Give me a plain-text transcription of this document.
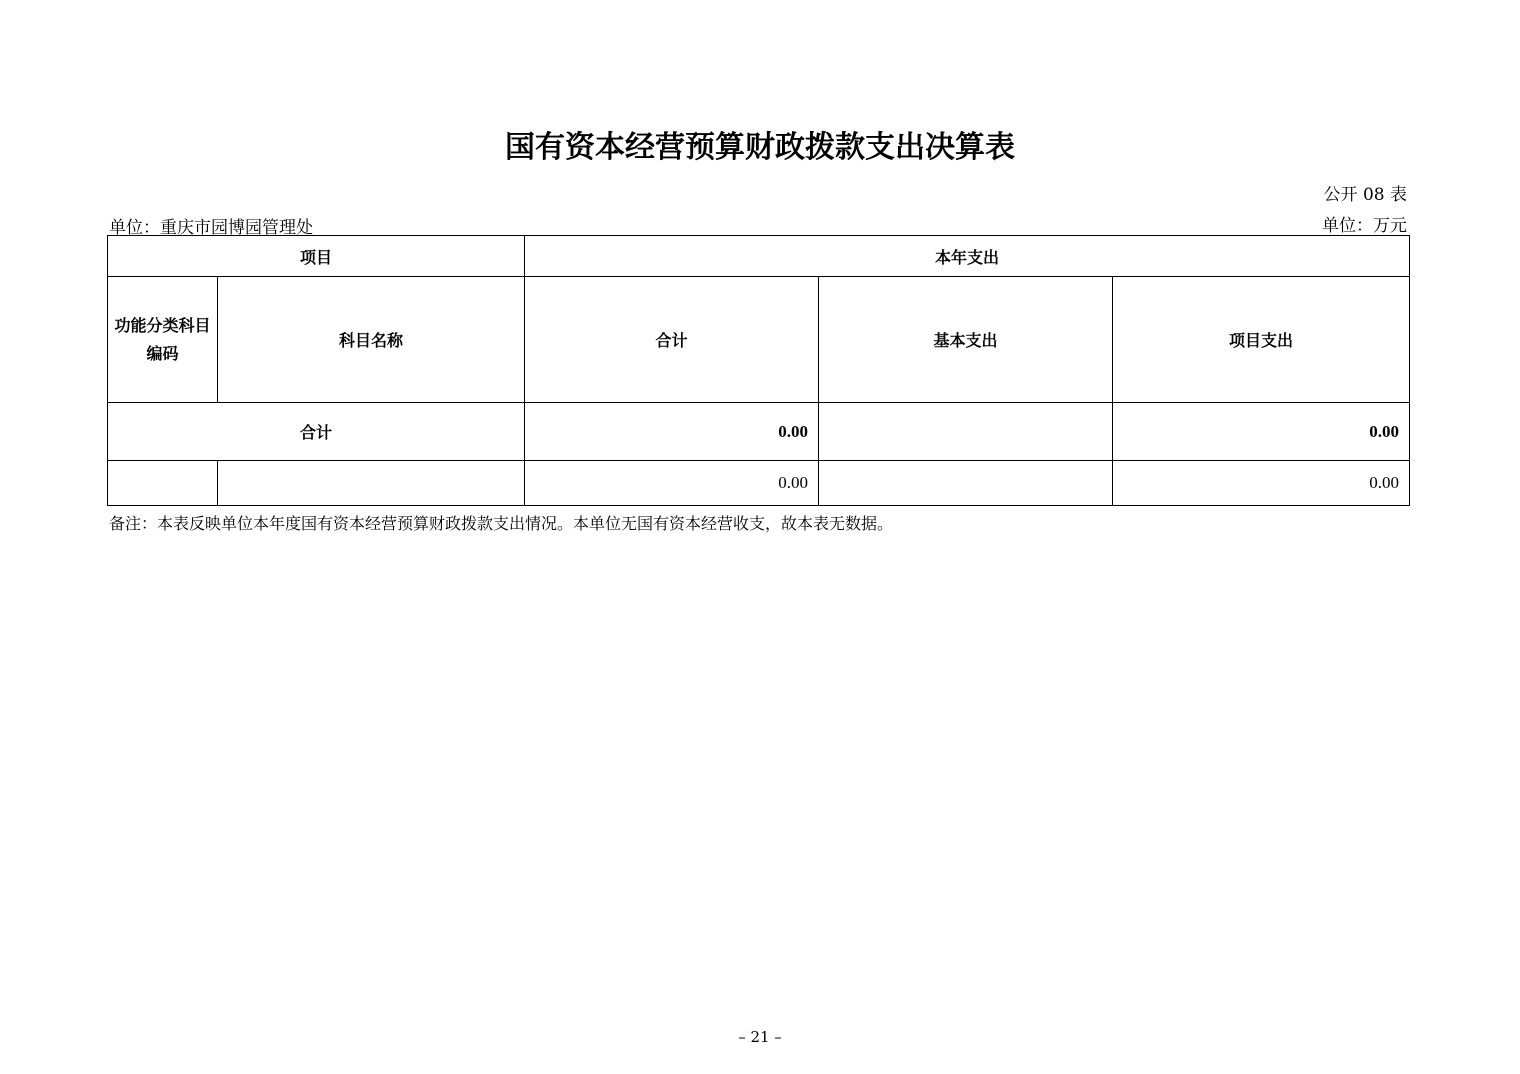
国有资本经营预算财政拨款支出决算表
公开 08 表
单位：重庆市园博园管理处	单位：万元
项目		本年支出		
功能分类科目编码	科目名称	合计	基本支出	项目支出
合计		0.00		0.00
		0.00		0.00
备注：本表反映单位本年度国有资本经营预算财政拨款支出情况。本单位无国有资本经营收支，故本表无数据。
– 21 –
